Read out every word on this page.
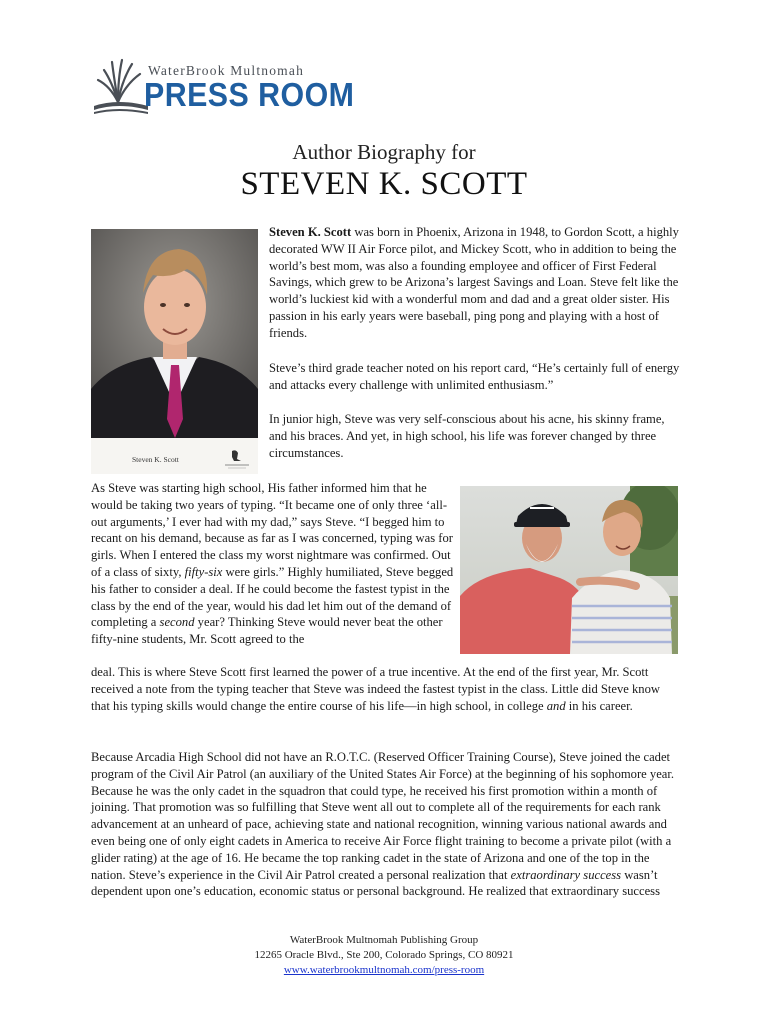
WaterBrook Multnomah
PRESS ROOM
Author Biography for
STEVEN K. SCOTT
Steven K. Scott

Steven K. Scott was born in Phoenix, Arizona in 1948, to Gordon Scott, a highly decorated WW II Air Force pilot, and Mickey Scott, who in addition to being the world’s best mom, was also a founding employee and officer of First Federal Savings, which grew to be Arizona’s largest Savings and Loan. Steve felt like the world’s luckiest kid with a wonderful mom and dad and a great older sister. His passion in his early years were baseball, ping pong and playing with a host of friends.

Steve’s third grade teacher noted on his report card, “He’s certainly full of energy and attacks every challenge with unlimited enthusiasm.”

In junior high, Steve was very self-conscious about his acne, his skinny frame, and his braces. And yet, in high school, his life was forever changed by three circumstances.

As Steve was starting high school, His father informed him that he would be taking two years of typing. “It became one of only three ‘all-out arguments,’ I ever had with my dad,” says Steve. “I begged him to recant on his demand, because as far as I was concerned, typing was for girls. When I entered the class my worst nightmare was confirmed. Out of a class of sixty, fifty-six were girls.” Highly humiliated, Steve begged his father to consider a deal. If he could become the fastest typist in the class by the end of the year, would his dad let him out of the demand of completing a second year? Thinking Steve would never beat the other fifty-nine students, Mr. Scott agreed to the

deal. This is where Steve Scott first learned the power of a true incentive. At the end of the first year, Mr. Scott received a note from the typing teacher that Steve was indeed the fastest typist in the class. Little did Steve know that his typing skills would change the entire course of his life—in high school, in college and in his career.

Because Arcadia High School did not have an R.O.T.C. (Reserved Officer Training Course), Steve joined the cadet program of the Civil Air Patrol (an auxiliary of the United States Air Force) at the beginning of his sophomore year. Because he was the only cadet in the squadron that could type, he received his first promotion within a month of joining. That promotion was so fulfilling that Steve went all out to complete all of the requirements for each rank advancement at an unheard of pace, achieving state and national recognition, winning various national awards and even being one of only eight cadets in America to receive Air Force flight training to become a private pilot (with a glider rating) at the age of 16. He became the top ranking cadet in the state of Arizona and one of the top in the nation. Steve’s experience in the Civil Air Patrol created a personal realization that extraordinary success wasn’t dependent upon one’s education, economic status or personal background. He realized that extraordinary success

WaterBrook Multnomah Publishing Group
12265 Oracle Blvd., Ste 200, Colorado Springs, CO 80921
www.waterbrookmultnomah.com/press-room
